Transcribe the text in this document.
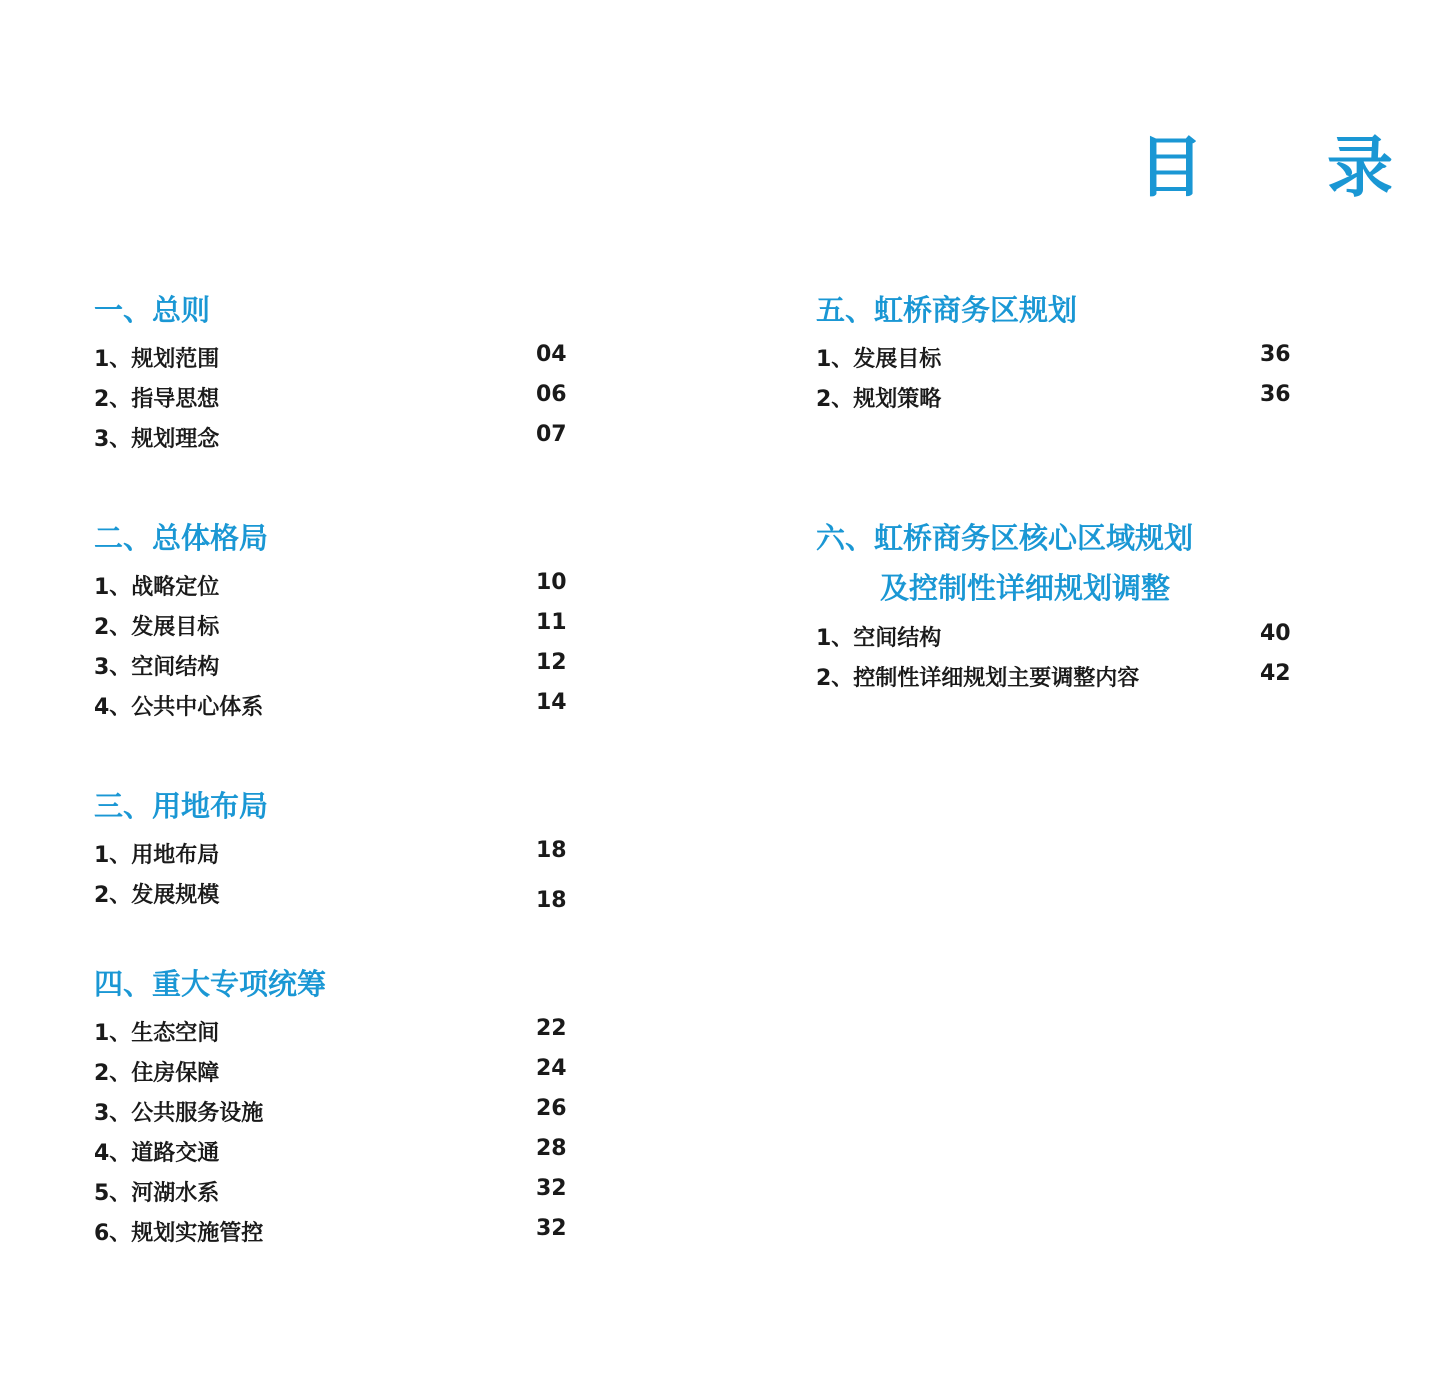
目 录
一、总则
1、规划范围	04
2、指导思想	06
3、规划理念	07
二、总体格局
1、战略定位	10
2、发展目标	11
3、空间结构	12
4、公共中心体系	14
三、用地布局
1、用地布局	18
2、发展规模	18
四、重大专项统筹
1、生态空间	22
2、住房保障	24
3、公共服务设施	26
4、道路交通	28
5、河湖水系	32
6、规划实施管控	32
五、虹桥商务区规划
1、发展目标	36
2、规划策略	36
六、虹桥商务区核心区域规划
及控制性详细规划调整
1、空间结构	40
2、控制性详细规划主要调整内容	42
